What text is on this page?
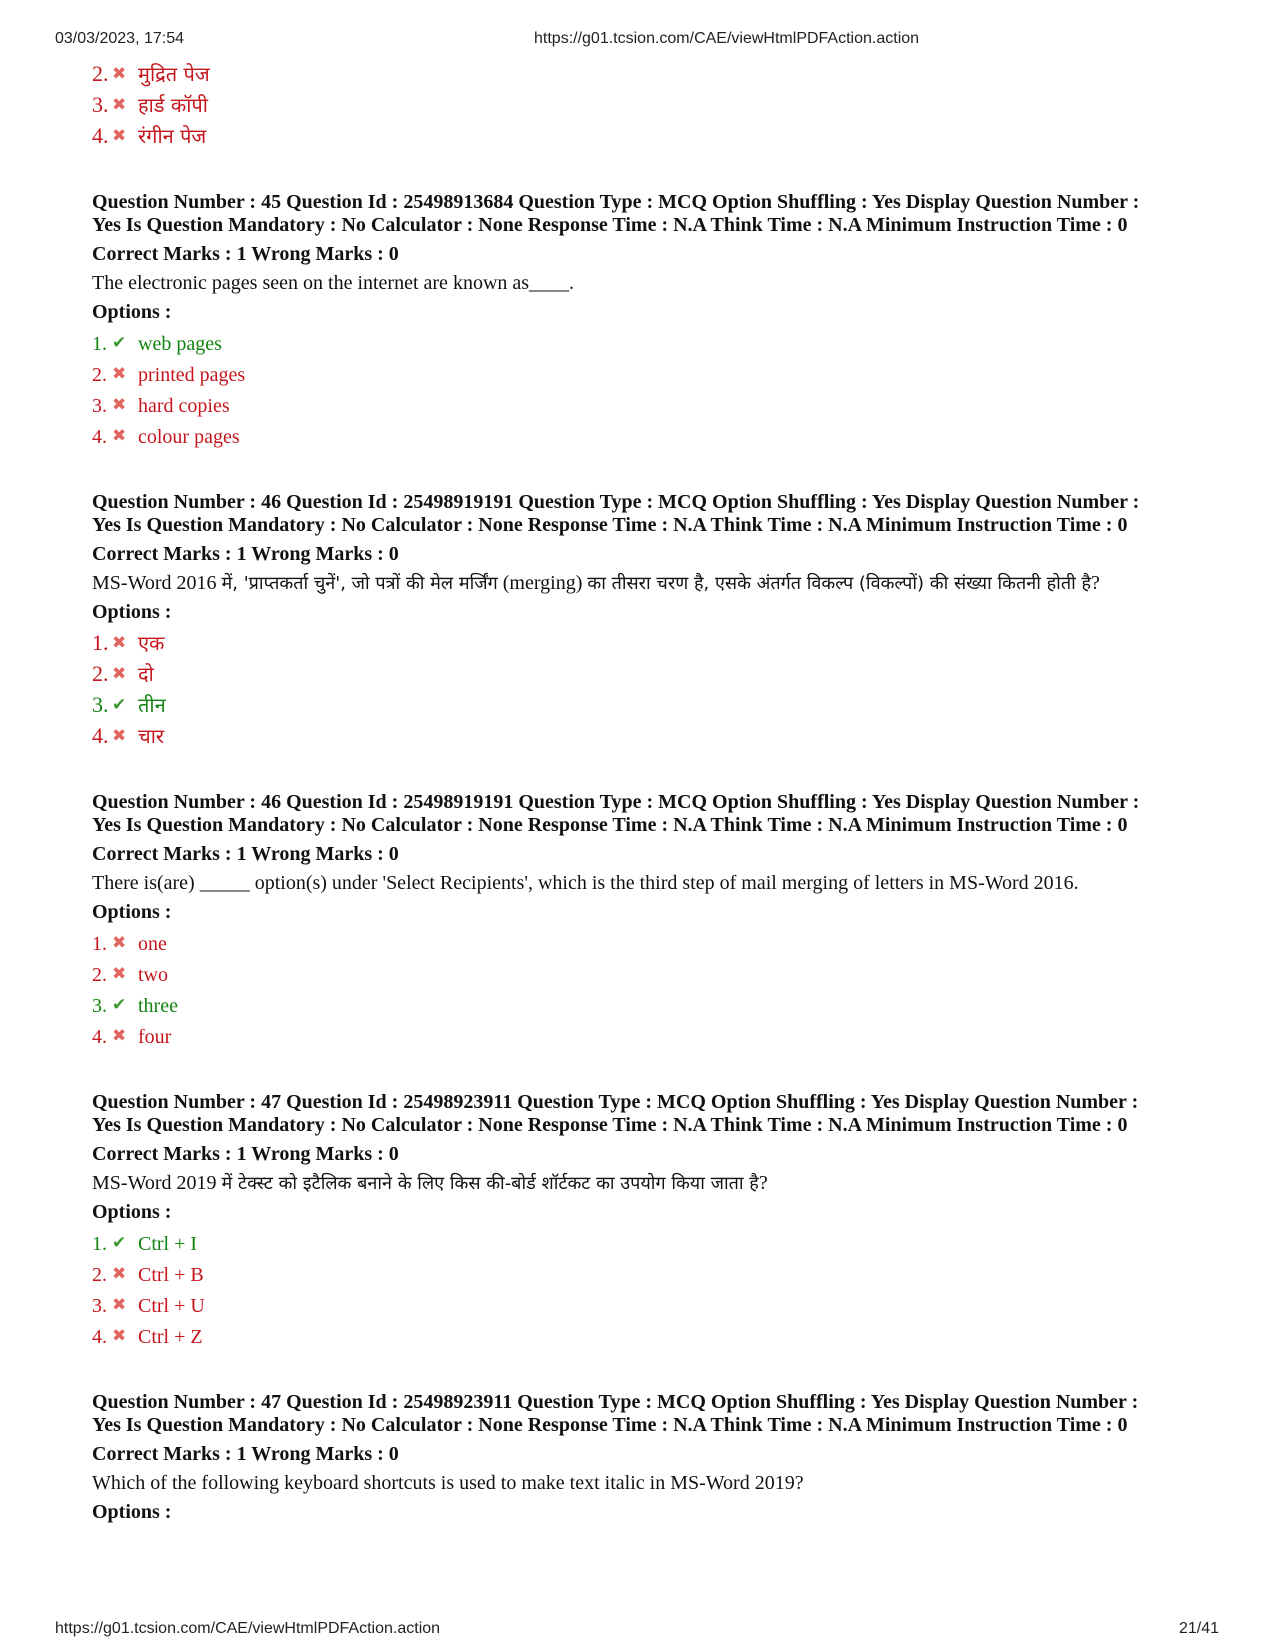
03/03/2023, 17:54	https://g01.tcsion.com/CAE/viewHtmlPDFAction.action
2. ✖ मुद्रित पेज
3. ✖ हार्ड कॉपी
4. ✖ रंगीन पेज
Question Number : 45 Question Id : 25498913684 Question Type : MCQ Option Shuffling : Yes Display Question Number :
Yes Is Question Mandatory : No Calculator : None Response Time : N.A Think Time : N.A Minimum Instruction Time : 0
Correct Marks : 1 Wrong Marks : 0
The electronic pages seen on the internet are known as____.
Options :
1. ✔ web pages
2. ✖ printed pages
3. ✖ hard copies
4. ✖ colour pages
Question Number : 46 Question Id : 25498919191 Question Type : MCQ Option Shuffling : Yes Display Question Number :
Yes Is Question Mandatory : No Calculator : None Response Time : N.A Think Time : N.A Minimum Instruction Time : 0
Correct Marks : 1 Wrong Marks : 0
MS-Word 2016 में, 'प्राप्तकर्ता चुनें', जो पत्रों की मेल मर्जिंग (merging) का तीसरा चरण है, एसके अंतर्गत विकल्प (विकल्पों) की संख्या कितनी होती है?
Options :
1. ✖ एक
2. ✖ दो
3. ✔ तीन
4. ✖ चार
Question Number : 46 Question Id : 25498919191 Question Type : MCQ Option Shuffling : Yes Display Question Number :
Yes Is Question Mandatory : No Calculator : None Response Time : N.A Think Time : N.A Minimum Instruction Time : 0
Correct Marks : 1 Wrong Marks : 0
There is(are) _____ option(s) under 'Select Recipients', which is the third step of mail merging of letters in MS-Word 2016.
Options :
1. ✖ one
2. ✖ two
3. ✔ three
4. ✖ four
Question Number : 47 Question Id : 25498923911 Question Type : MCQ Option Shuffling : Yes Display Question Number :
Yes Is Question Mandatory : No Calculator : None Response Time : N.A Think Time : N.A Minimum Instruction Time : 0
Correct Marks : 1 Wrong Marks : 0
MS-Word 2019 में टेक्स्ट को इटैलिक बनाने के लिए किस की-बोर्ड शॉर्टकट का उपयोग किया जाता है?
Options :
1. ✔ Ctrl + I
2. ✖ Ctrl + B
3. ✖ Ctrl + U
4. ✖ Ctrl + Z
Question Number : 47 Question Id : 25498923911 Question Type : MCQ Option Shuffling : Yes Display Question Number :
Yes Is Question Mandatory : No Calculator : None Response Time : N.A Think Time : N.A Minimum Instruction Time : 0
Correct Marks : 1 Wrong Marks : 0
Which of the following keyboard shortcuts is used to make text italic in MS-Word 2019?
Options :
https://g01.tcsion.com/CAE/viewHtmlPDFAction.action	21/41
